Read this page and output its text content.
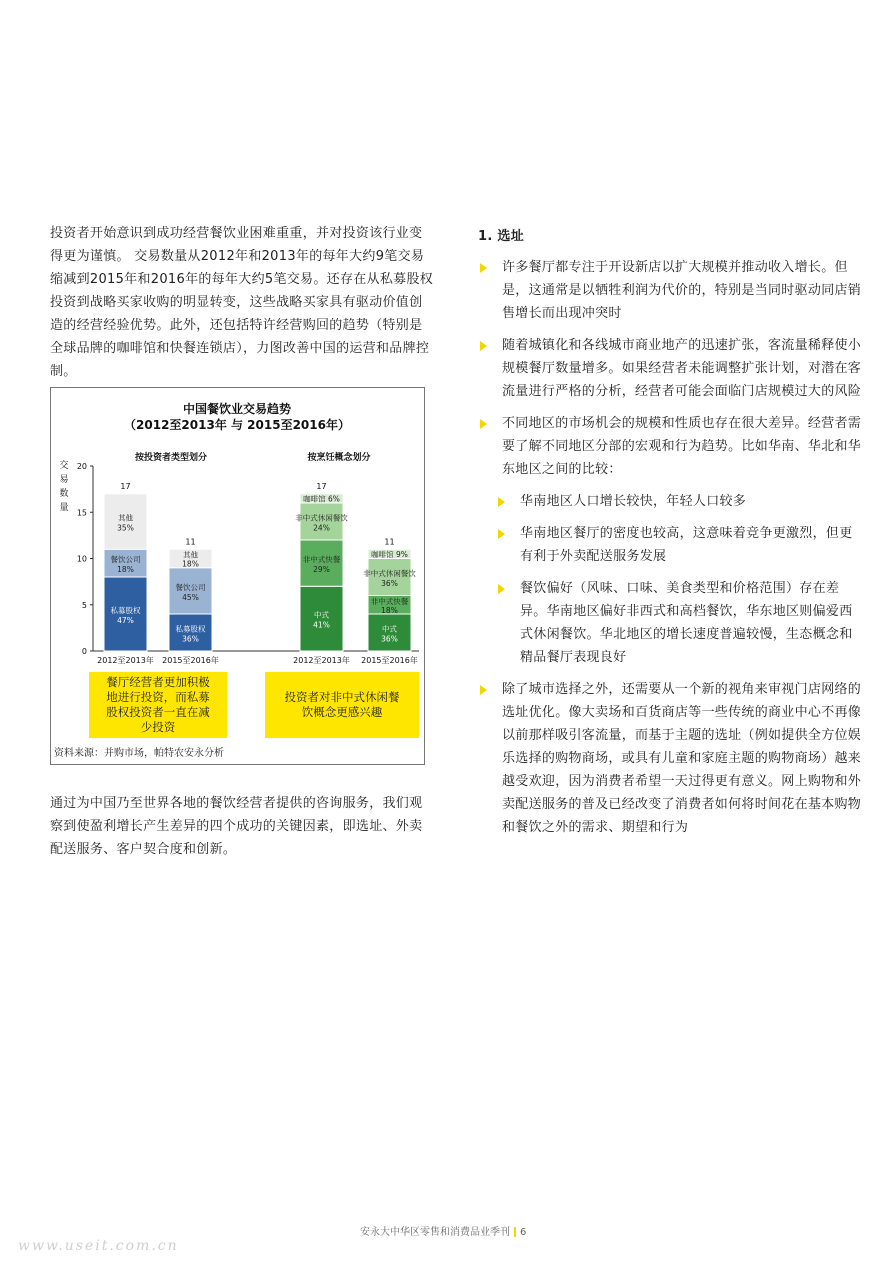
投资者开始意识到成功经营餐饮业困难重重，并对投资该行业变得更为谨慎。 交易数量从2012年和2013年的每年大约9笔交易缩减到2015年和2016年的每年大约5笔交易。还存在从私募股权投资到战略买家收购的明显转变，这些战略买家具有驱动价值创造的经营经验优势。此外，还包括特许经营购回的趋势（特别是全球品牌的咖啡馆和快餐连锁店），力图改善中国的运营和品牌控制。

中国餐饮业交易趋势
（2012至2013年 与 2015至2016年）
交
易
数
量
0
5
10
15
20
按投资者类型划分
私募股权
47%
餐饮公司
18%
其他
35%
17
2012至2013年
私募股权
36%
餐饮公司
45%
其他
18%
11
2015至2016年
餐厅经营者更加积极
地进行投资，而私募
股权投资者一直在减
少投资
按烹饪概念划分
中式
41%
非中式快餐
29%
非中式休闲餐饮
24%
咖啡馆 6%
17
2012至2013年
中式
36%
非中式快餐
18%
非中式休闲餐饮
36%
咖啡馆 9%
11
2015至2016年
投资者对非中式休闲餐
饮概念更感兴趣
资料来源：并购市场，帕特农安永分析
通过为中国乃至世界各地的餐饮经营者提供的咨询服务，我们观察到使盈利增长产生差异的四个成功的关键因素，即选址、外卖配送服务、客户契合度和创新。
1. 选址
许多餐厅都专注于开设新店以扩大规模并推动收入增长。但是，这通常是以牺牲利润为代价的，特别是当同时驱动同店销售增长而出现冲突时
随着城镇化和各线城市商业地产的迅速扩张，客流量稀释使小规模餐厅数量增多。如果经营者未能调整扩张计划，对潜在客流量进行严格的分析，经营者可能会面临门店规模过大的风险
不同地区的市场机会的规模和性质也存在很大差异。经营者需要了解不同地区分部的宏观和行为趋势。比如华南、华北和华东地区之间的比较：
华南地区人口增长较快，年轻人口较多
华南地区餐厅的密度也较高，这意味着竞争更激烈，但更有利于外卖配送服务发展
餐饮偏好（风味、口味、美食类型和价格范围）存在差异。华南地区偏好非西式和高档餐饮，华东地区则偏爱西式休闲餐饮。华北地区的增长速度普遍较慢，生态概念和精品餐厅表现良好
除了城市选择之外，还需要从一个新的视角来审视门店网络的选址优化。像大卖场和百货商店等一些传统的商业中心不再像以前那样吸引客流量，而基于主题的选址（例如提供全方位娱乐选择的购物商场，或具有儿童和家庭主题的购物商场）越来越受欢迎，因为消费者希望一天过得更有意义。网上购物和外卖配送服务的普及已经改变了消费者如何将时间花在基本购物和餐饮之外的需求、期望和行为
安永大中华区零售和消费品业季刊 6
www.useit.com.cn
